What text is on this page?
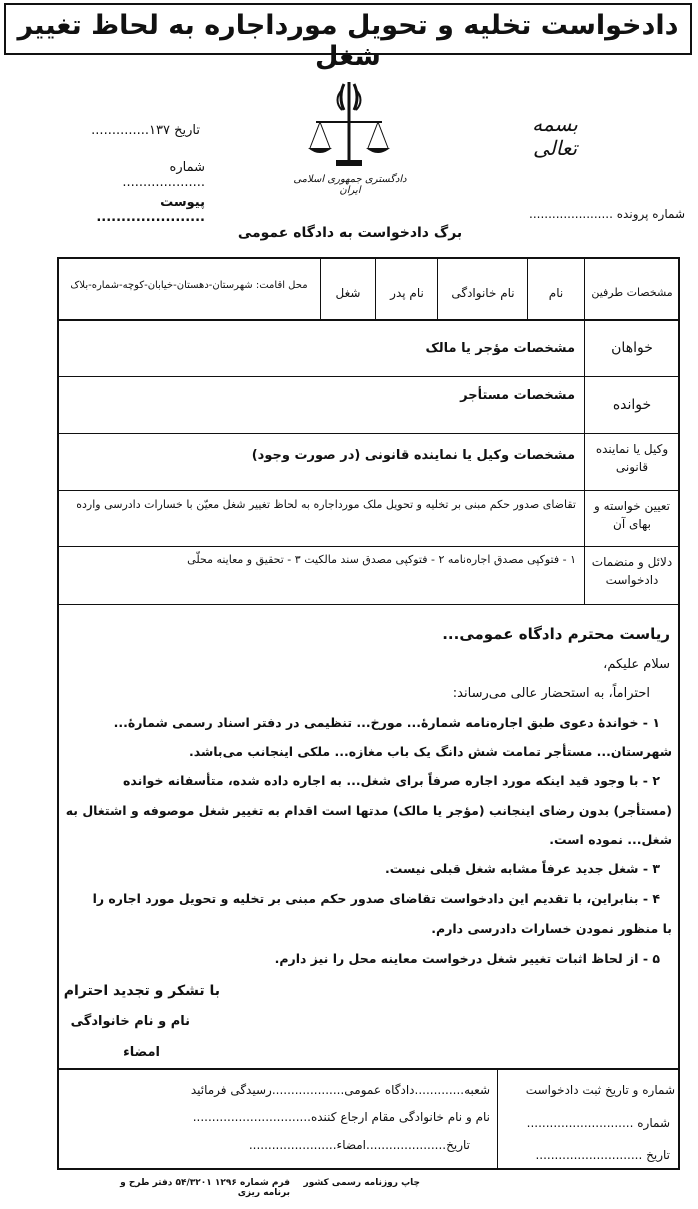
دادخواست تخلیه و تحویل مورداجاره به لحاظ تغییر شغل
بسمه تعالی
دادگستری جمهوری اسلامی ایران
تاریخ ۱۳۷..............
شماره ....................
پیوست ......................	شماره پرونده ......................
برگ دادخواست به دادگاه عمومی
مشخصات طرفین
نام
نام خانوادگی
نام پدر
شغل
محل اقامت: شهرستان-دهستان-خیابان-کوچه-شماره-بلاک
خواهان
مشخصات مؤجر یا مالک
خوانده
مشخصات مستأجر
وکیل یا نماینده قانونی
مشخصات وکیل یا نماینده قانونی (در صورت وجود)
تعیین خواسته و بهای آن
تقاضای صدور حکم مبنی بر تخلیه و تحویل ملک مورداجاره به لحاظ تغییر شغل معیّن با خسارات دادرسی وارده
دلائل و منضمات دادخواست
۱ - فتوکپی مصدق اجاره‌نامه ۲ - فتوکپی مصدق سند مالکیت ۳ - تحقیق و معاینه محلّی
ریاست محترم دادگاه عمومی...
سلام علیکم،
احتراماً، به استحضار عالی می‌رساند:
۱ - خواندهٔ دعوی طبق اجاره‌نامه شمارهٔ... مورخ... تنظیمی در دفتر اسناد رسمی شمارهٔ...
شهرستان... مستأجر تمامت شش دانگ یک باب مغازه... ملکی اینجانب می‌باشد.
۲ - با وجود قید اینکه مورد اجاره صرفاً برای شغل... به اجاره داده شده، متأسفانه خوانده
(مستأجر) بدون رضای اینجانب (مؤجر یا مالک) مدتها است اقدام به تغییر شغل موصوفه و اشتغال به
شغل... نموده است.
۳ - شغل جدید عرفاً مشابه شغل قبلی نیست.
۴ - بنابراین، با تقدیم این دادخواست تقاضای صدور حکم مبنی بر تخلیه و تحویل مورد اجاره را
با منظور نمودن خسارات دادرسی دارم.
۵ - از لحاظ اثبات تغییر شغل درخواست معاینه محل را نیز دارم.
با تشکر و تجدید احترام
نام و نام خانوادگی
امضاء
شماره و تاریخ ثبت دادخواست
شماره ............................
تاریخ ............................
شعبه.............دادگاه عمومی...................رسیدگی فرمائید
نام و نام خانوادگی مقام ارجاع کننده...............................
تاریخ.....................امضاء.......................
چاپ روزنامه رسمی کشور
فرم شماره ۱۲۹۶ ۵۴/۳۲۰۱ دفتر طرح و برنامه ریزی
